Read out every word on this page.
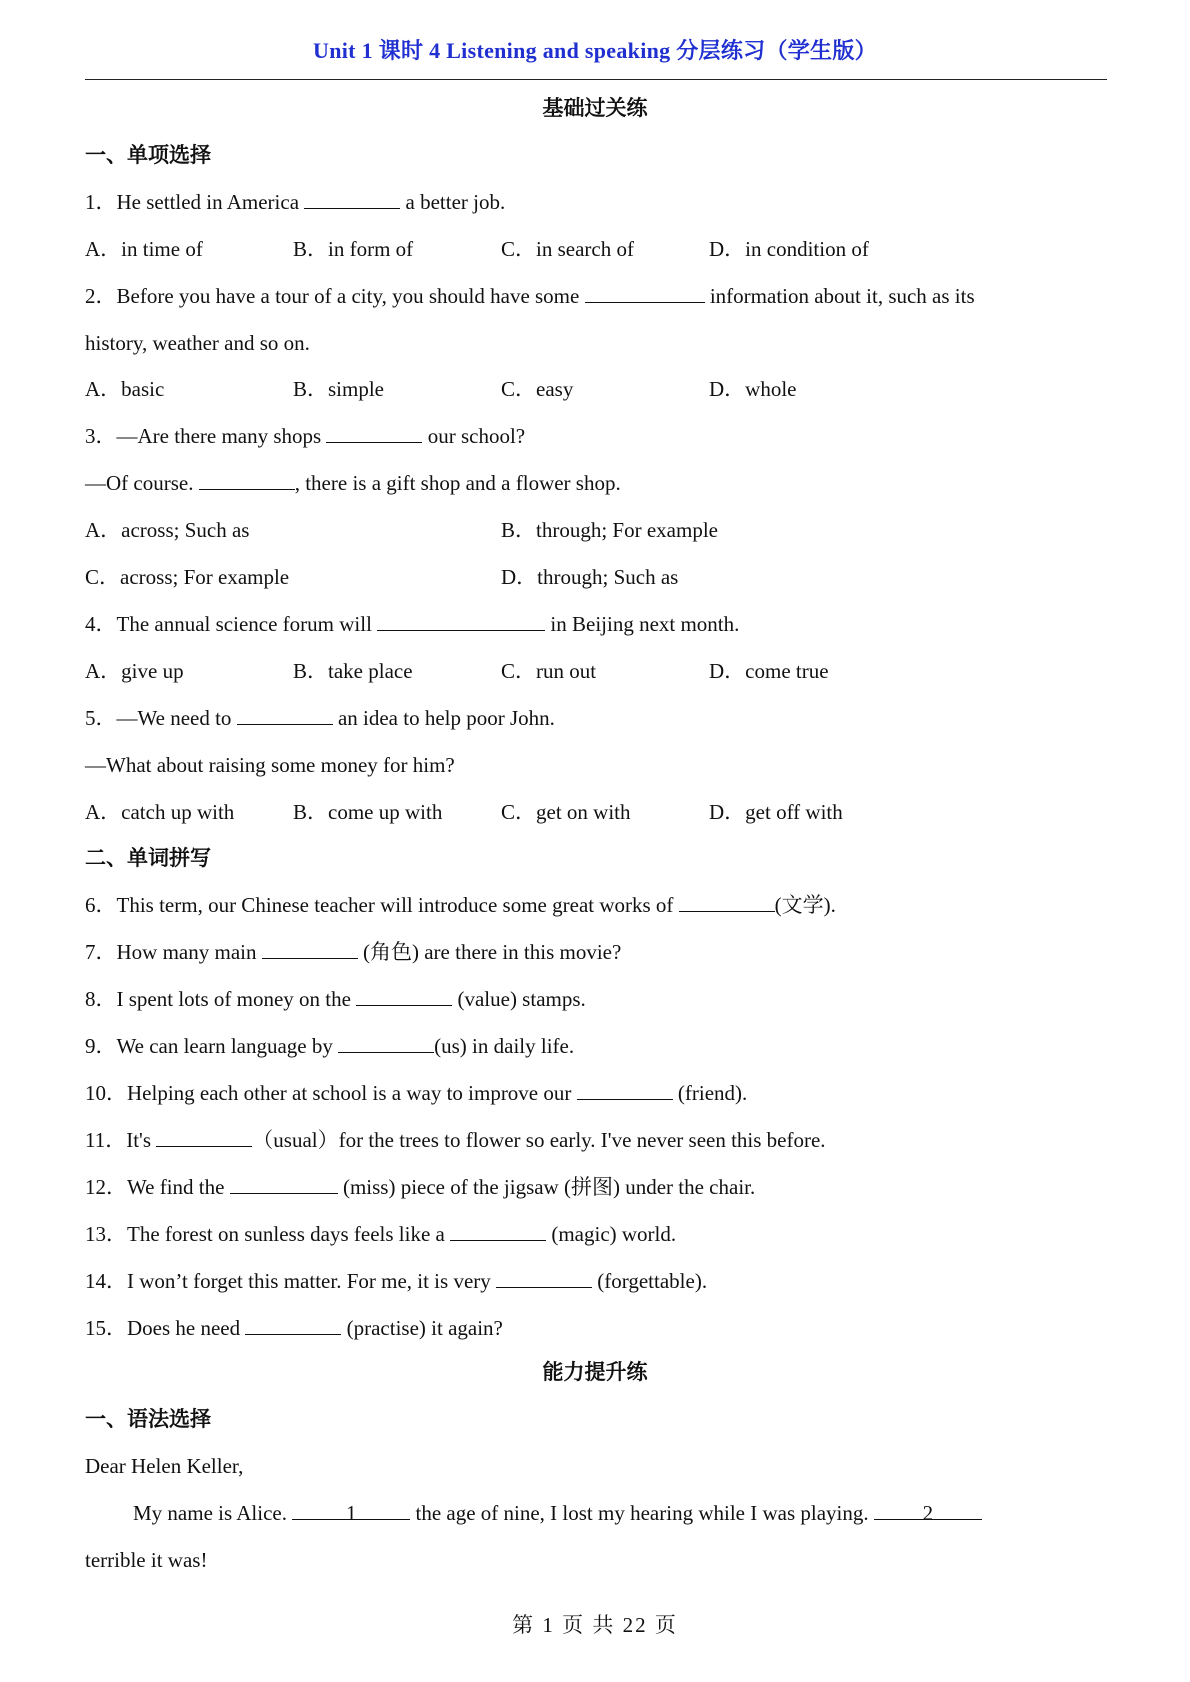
Unit 1 课时 4 Listening and speaking 分层练习（学生版）
基础过关练
一、单项选择
1．He settled in America	a better job.
A．in time of	B．in form of	C．in search of	D．in condition of
2．Before you have a tour of a city, you should have some	information about it, such as its
history, weather and so on.
A．basic	B．simple	C．easy	D．whole
3．—Are there many shops	our school?
—Of course.	, there is a gift shop and a flower shop.
A．across; Such as	B．through; For example
C．across; For example	D．through; Such as
4．The annual science forum will	in Beijing next month.
A．give up	B．take place	C．run out	D．come true
5．—We need to	an idea to help poor John.
—What about raising some money for him?
A．catch up with	B．come up with	C．get on with	D．get off with
二、单词拼写
6．This term, our Chinese teacher will introduce some great works of	(文学).
7．How many main	(角色) are there in this movie?
8．I spent lots of money on the	(value) stamps.
9．We can learn language by	(us) in daily life.
10．Helping each other at school is a way to improve our	(friend).
11．It's	（usual）for the trees to flower so early. I've never seen this before.
12．We find the	(miss) piece of the jigsaw (拼图) under the chair.
13．The forest on sunless days feels like a	(magic) world.
14．I won’t forget this matter. For me, it is very	(forgettable).
15．Does he need	(practise) it again?
能力提升练
一、语法选择
Dear Helen Keller,
My name is Alice.	1	the age of nine, I lost my hearing while I was playing. 2
terrible it was!
第 1 页 共 22 页
